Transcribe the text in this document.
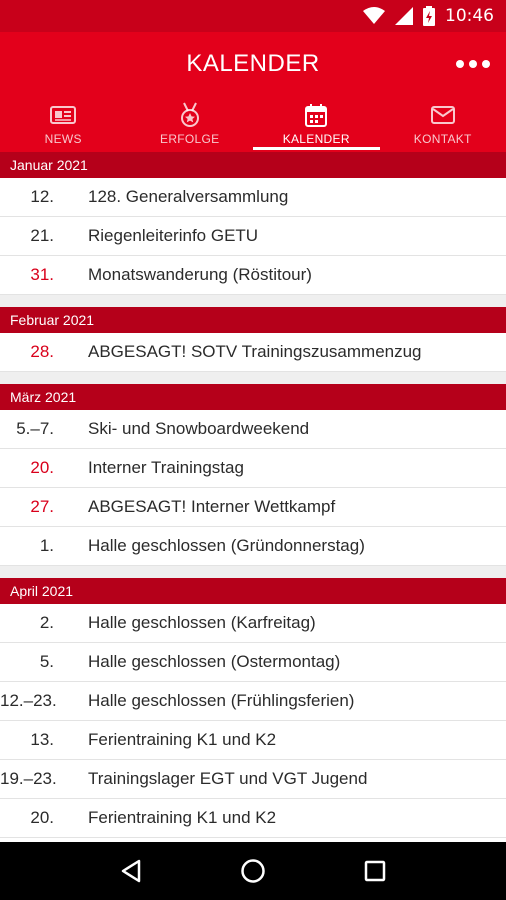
10:46
KALENDER
NEWS	ERFOLGE	KALENDER	KONTAKT
Januar 2021
12.	128. Generalversammlung
21.	Riegenleiterinfo GETU
31.	Monatswanderung (Röstitour)
Februar 2021
28.	ABGESAGT! SOTV Trainingszusammenzug
März 2021
5.–7.	Ski- und Snowboardweekend
20.	Interner Trainingstag
27.	ABGESAGT! Interner Wettkampf
1.	Halle geschlossen (Gründonnerstag)
April 2021
2.	Halle geschlossen (Karfreitag)
5.	Halle geschlossen (Ostermontag)
12.–23.	Halle geschlossen (Frühlingsferien)
13.	Ferientraining K1 und K2
19.–23.	Trainingslager EGT und VGT Jugend
20.	Ferientraining K1 und K2
